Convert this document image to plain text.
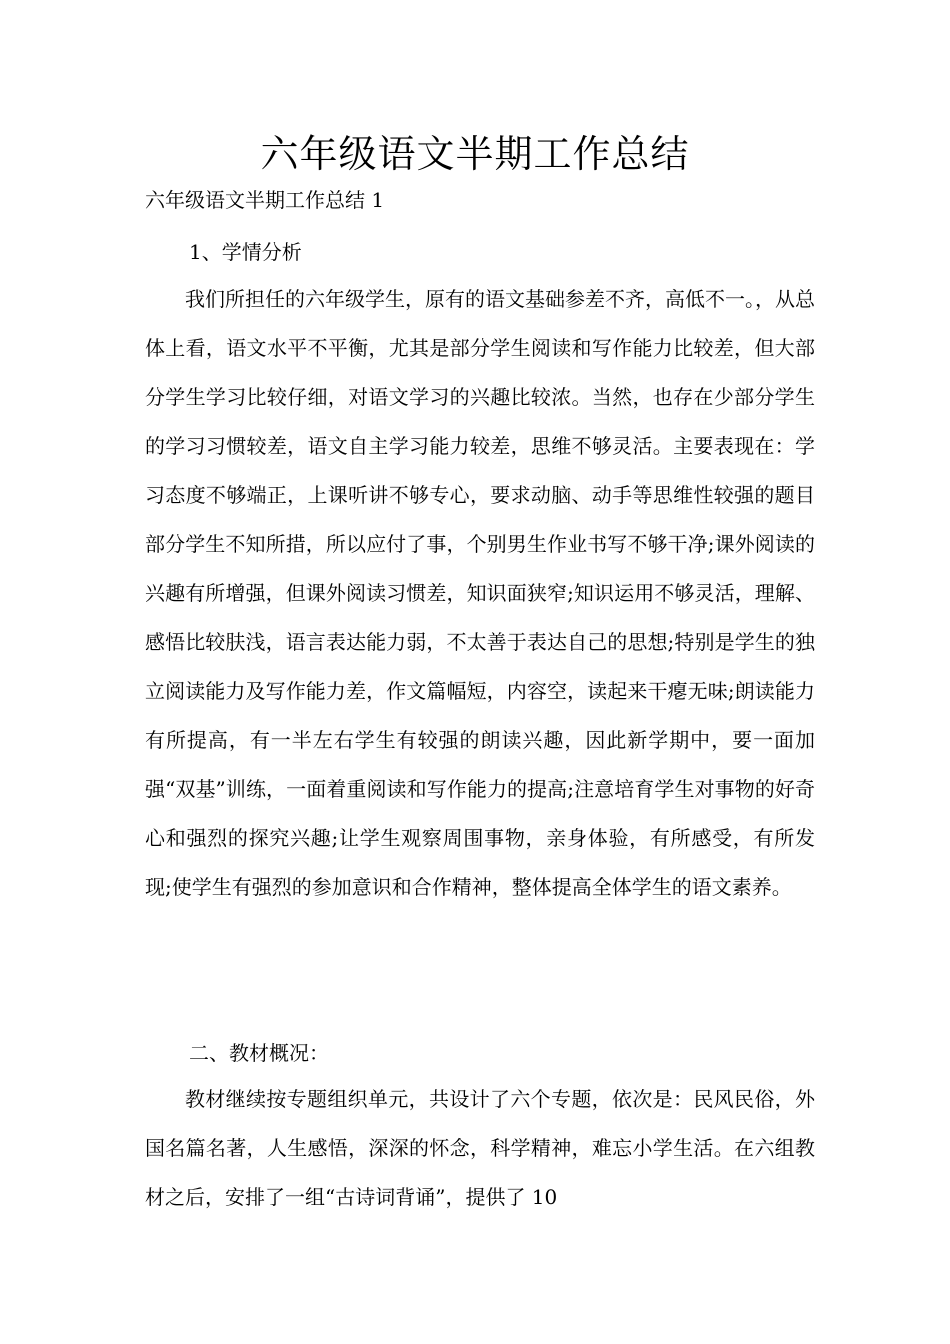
六年级语文半期工作总结
六年级语文半期工作总结 1
1、学情分析
我们所担任的六年级学生，原有的语文基础参差不齐，高低不一。，从总体上看，语文水平不平衡，尤其是部分学生阅读和写作能力比较差，但大部分学生学习比较仔细，对语文学习的兴趣比较浓。当然，也存在少部分学生的学习习惯较差，语文自主学习能力较差，思维不够灵活。主要表现在：学习态度不够端正，上课听讲不够专心，要求动脑、动手等思维性较强的题目部分学生不知所措，所以应付了事，个别男生作业书写不够干净;课外阅读的兴趣有所增强，但课外阅读习惯差，知识面狭窄;知识运用不够灵活，理解、感悟比较肤浅，语言表达能力弱，不太善于表达自己的思想;特别是学生的独立阅读能力及写作能力差，作文篇幅短，内容空，读起来干瘪无味;朗读能力有所提高，有一半左右学生有较强的朗读兴趣，因此新学期中，要一面加强“双基”训练，一面着重阅读和写作能力的提高;注意培育学生对事物的好奇心和强烈的探究兴趣;让学生观察周围事物，亲身体验，有所感受，有所发现;使学生有强烈的参加意识和合作精神，整体提高全体学生的语文素养。
二、教材概况：
教材继续按专题组织单元，共设计了六个专题，依次是：民风民俗，外国名篇名著，人生感悟，深深的怀念，科学精神，难忘小学生活。在六组教材之后，安排了一组“古诗词背诵”，提供了 10
